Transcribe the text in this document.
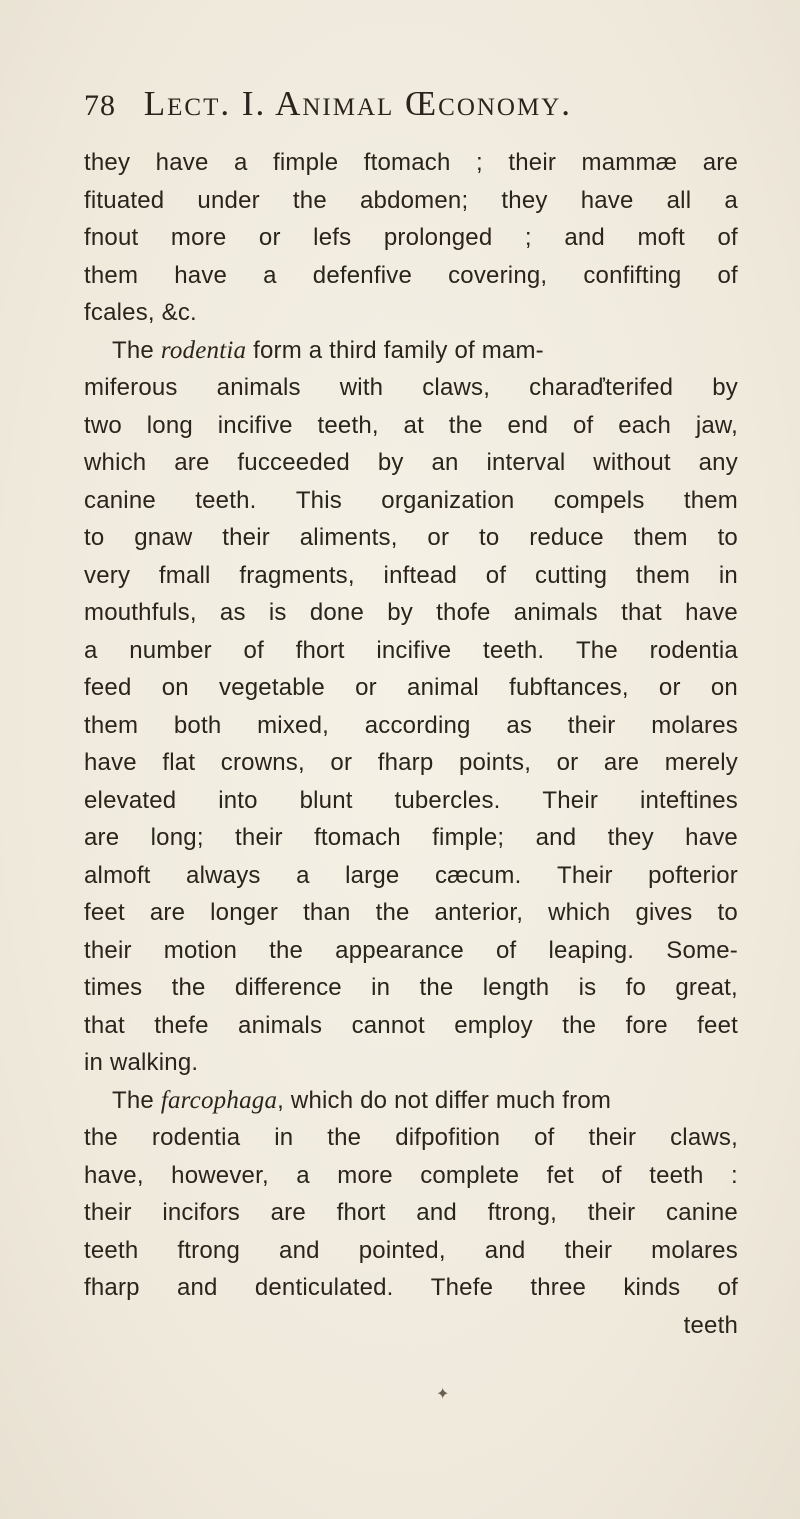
78 Lect. I. Animal Œconomy.
they have a fimple ftomach ; their mammæ are
fituated under the abdomen; they have all a
fnout more or lefs prolonged ; and moft of
them have a defenfive covering, confifting of
fcales, &c.
The rodentia form a third family of mam-
miferous animals with claws, charaďterifed by
two long incifive teeth, at the end of each jaw,
which are fucceeded by an interval without any
canine teeth. This organization compels them
to gnaw their aliments, or to reduce them to
very fmall fragments, inftead of cutting them in
mouthfuls, as is done by thofe animals that have
a number of fhort incifive teeth. The rodentia
feed on vegetable or animal fubftances, or on
them both mixed, according as their molares
have flat crowns, or fharp points, or are merely
elevated into blunt tubercles. Their inteftines
are long; their ftomach fimple; and they have
almoft always a large cæcum. Their pofterior
feet are longer than the anterior, which gives to
their motion the appearance of leaping. Some-
times the difference in the length is fo great,
that thefe animals cannot employ the fore feet
in walking.
The farcophaga , which do not differ much from
the rodentia in the difpofition of their claws,
have, however, a more complete fet of teeth :
their incifors are fhort and ftrong, their canine
teeth ftrong and pointed, and their molares
fharp and denticulated. Thefe three kinds of
teeth
✦
